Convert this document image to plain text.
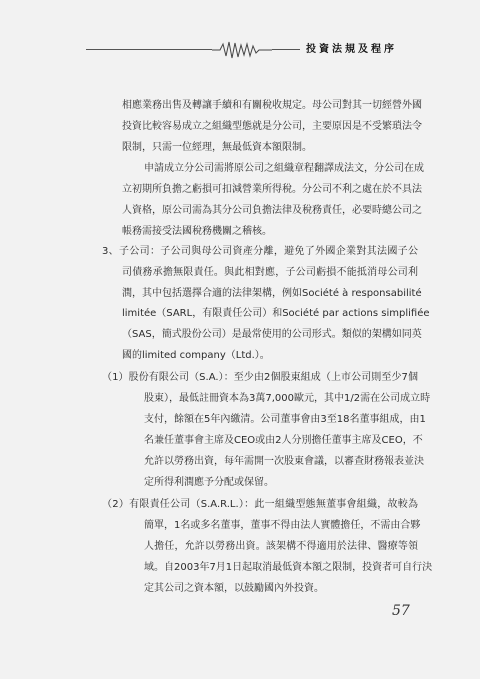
投資法規及程序
相應業務出售及轉讓手續和有關稅收規定。母公司對其一切經營外國
投資比較容易成立之組織型態就是分公司，主要原因是不受繁瑣法令
限制，只需一位經理，無最低資本額限制。
申請成立分公司需將原公司之組織章程翻譯成法文，分公司在成
立初期所負擔之虧損可扣減營業所得稅。分公司不利之處在於不具法
人資格，原公司需為其分公司負擔法律及稅務責任，必要時總公司之
帳務需接受法國稅務機關之稽核。
3、子公司：子公司與母公司資產分離，避免了外國企業對其法國子公
司債務承擔無限責任。與此相對應，子公司虧損不能抵消母公司利
潤，其中包括選擇合適的法律架構，例如Société à responsabilité
limitée（SARL，有限責任公司）和Société par actions simplifiée
（SAS，簡式股份公司）是最常使用的公司形式。類似的架構如同英
國的limited company（Ltd.）。
（1）股份有限公司（S.A.）：至少由2個股東組成（上市公司則至少7個
股東），最低註冊資本為3萬7,000歐元，其中1/2需在公司成立時
支付，餘額在5年內繳清。公司董事會由3至18名董事組成，由1
名兼任董事會主席及CEO或由2人分別擔任董事主席及CEO，不
允許以勞務出資，每年需開一次股東會議，以審查財務報表並決
定所得利潤應予分配或保留。
（2）有限責任公司（S.A.R.L.）：此一組織型態無董事會組織，故較為
簡單，1名或多名董事，董事不得由法人實體擔任，不需由合夥
人擔任，允許以勞務出資。該架構不得適用於法律、醫療等領
域。自2003年7月1日起取消最低資本額之限制，投資者可自行決
定其公司之資本額，以鼓勵國內外投資。
57
